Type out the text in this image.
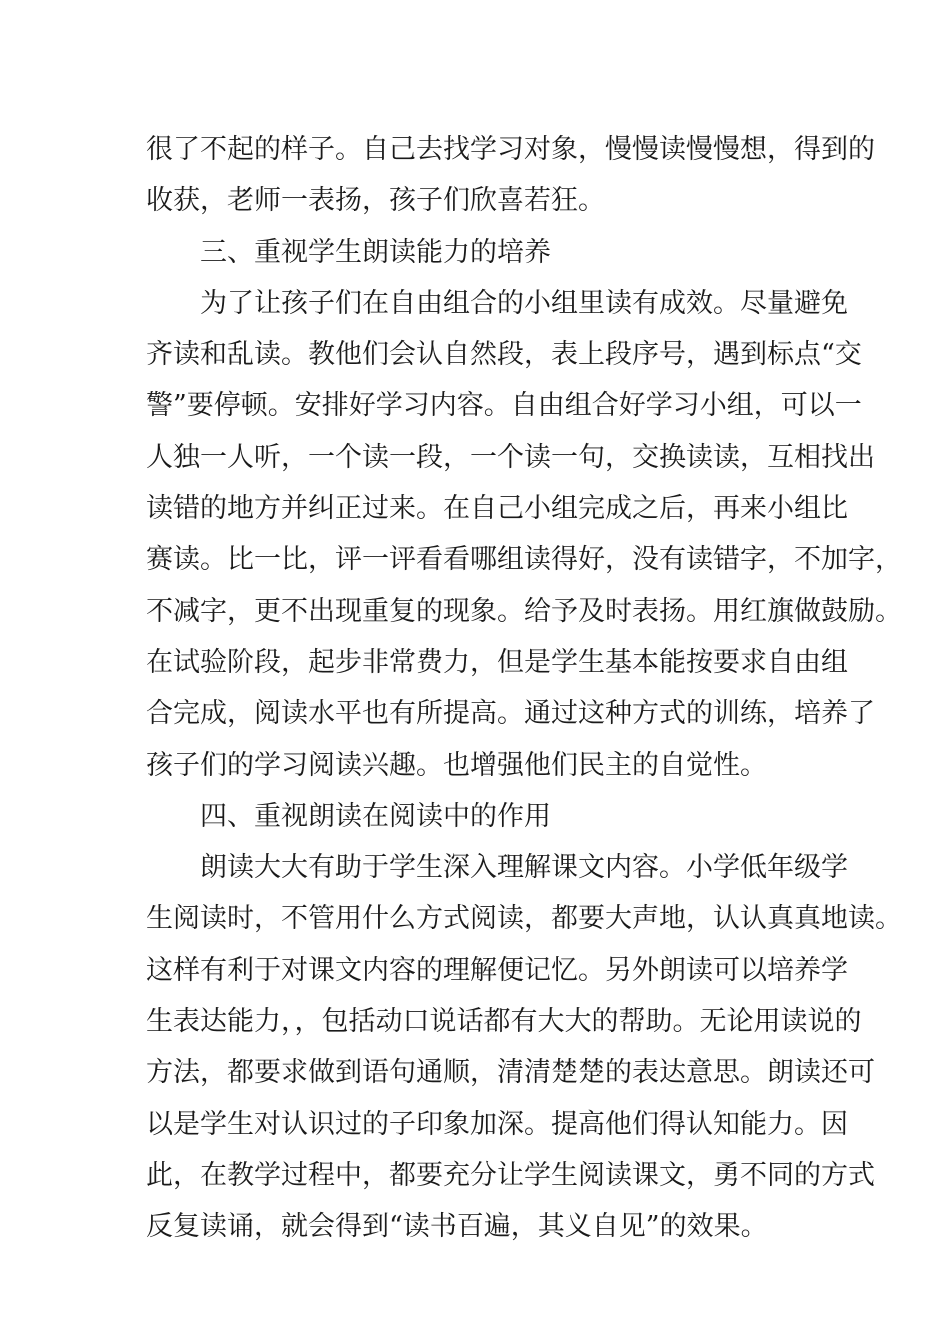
很了不起的样子。自己去找学习对象，慢慢读慢慢想，得到的
收获，老师一表扬，孩子们欣喜若狂。
三、重视学生朗读能力的培养
为了让孩子们在自由组合的小组里读有成效。尽量避免
齐读和乱读。教他们会认自然段，表上段序号，遇到标点“交
警”要停顿。安排好学习内容。自由组合好学习小组，可以一
人独一人听，一个读一段，一个读一句，交换读读，互相找出
读错的地方并纠正过来。在自己小组完成之后，再来小组比
赛读。比一比，评一评看看哪组读得好，没有读错字，不加字，
不减字，更不出现重复的现象。给予及时表扬。用红旗做鼓励。
在试验阶段，起步非常费力，但是学生基本能按要求自由组
合完成，阅读水平也有所提高。通过这种方式的训练，培养了
孩子们的学习阅读兴趣。也增强他们民主的自觉性。
四、重视朗读在阅读中的作用
朗读大大有助于学生深入理解课文内容。小学低年级学
生阅读时，不管用什么方式阅读，都要大声地，认认真真地读。
这样有利于对课文内容的理解便记忆。另外朗读可以培养学
生表达能力，，包括动口说话都有大大的帮助。无论用读说的
方法，都要求做到语句通顺，清清楚楚的表达意思。朗读还可
以是学生对认识过的子印象加深。提高他们得认知能力。因
此，在教学过程中，都要充分让学生阅读课文，勇不同的方式
反复读诵，就会得到“读书百遍，其义自见”的效果。
